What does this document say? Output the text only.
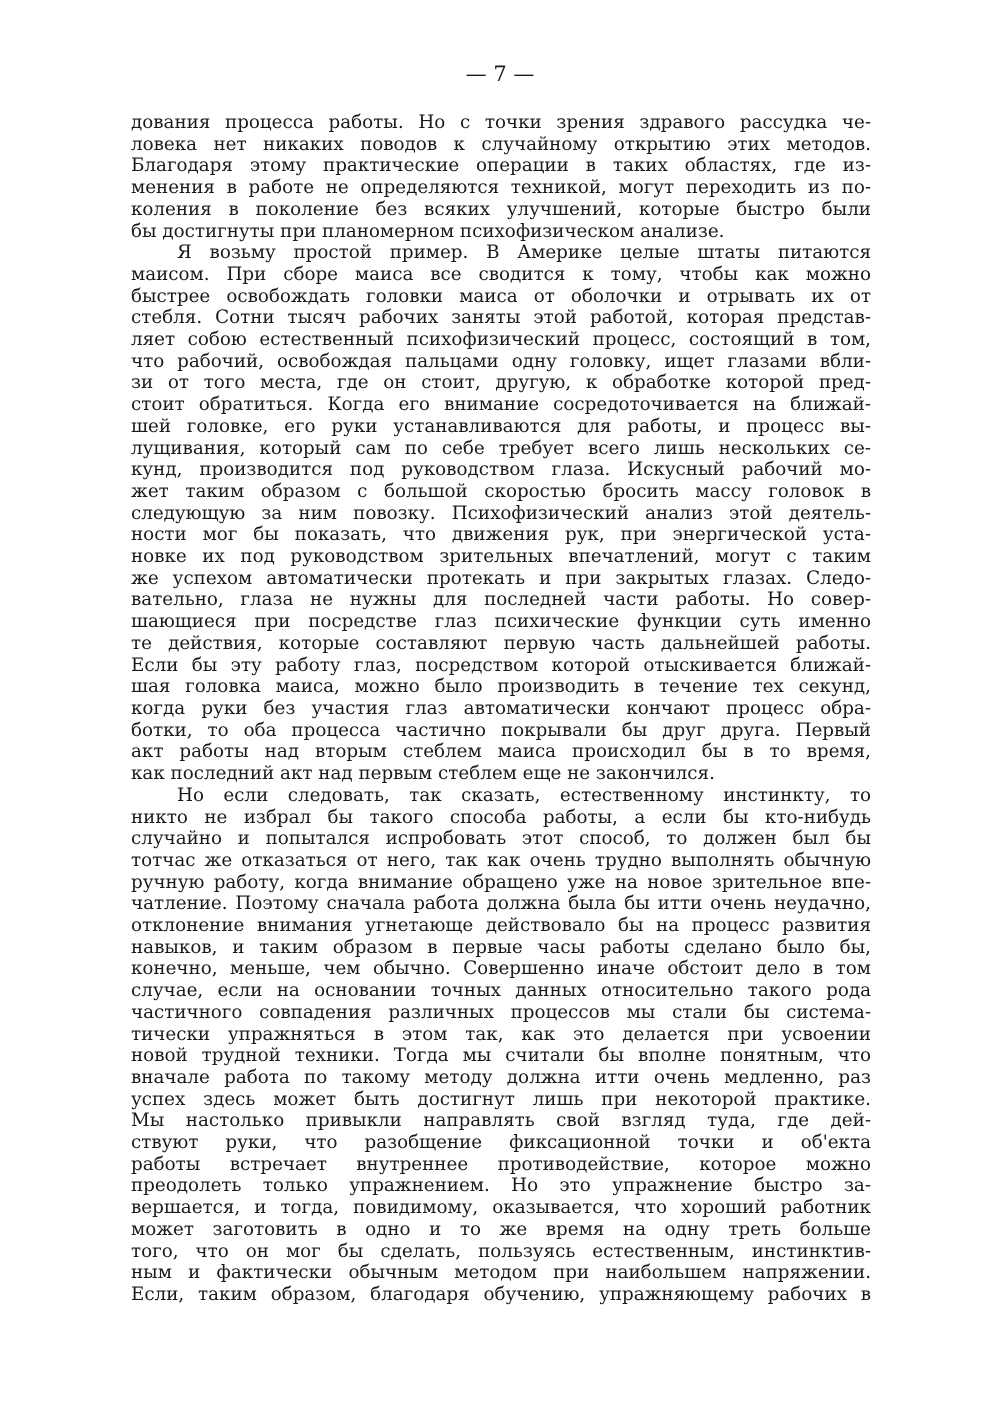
— 7 —
дования процесса работы. Но с точки зрения здравого рассудка че-
ловека нет никаких поводов к случайному открытию этих методов.
Благодаря этому практические операции в таких областях, где из-
менения в работе не определяются техникой, могут переходить из по-
коления в поколение без всяких улучшений, которые быстро были
бы достигнуты при планомерном психофизическом анализе.
Я возьму простой пример. В Америке целые штаты питаются
маисом. При сборе маиса все сводится к тому, чтобы как можно
быстрее освобождать головки маиса от оболочки и отрывать их от
стебля. Сотни тысяч рабочих заняты этой работой, которая представ-
ляет собою естественный психофизический процесс, состоящий в том,
что рабочий, освобождая пальцами одну головку, ищет глазами вбли-
зи от того места, где он стоит, другую, к обработке которой пред-
стоит обратиться. Когда его внимание сосредоточивается на ближай-
шей головке, его руки устанавливаются для работы, и процесс вы-
лущивания, который сам по себе требует всего лишь нескольких се-
кунд, производится под руководством глаза. Искусный рабочий мо-
жет таким образом с большой скоростью бросить массу головок в
следующую за ним повозку. Психофизический анализ этой деятель-
ности мог бы показать, что движения рук, при энергической уста-
новке их под руководством зрительных впечатлений, могут с таким
же успехом автоматически протекать и при закрытых глазах. Следо-
вательно, глаза не нужны для последней части работы. Но совер-
шающиеся при посредстве глаз психические функции суть именно
те действия, которые составляют первую часть дальнейшей работы.
Если бы эту работу глаз, посредством которой отыскивается ближай-
шая головка маиса, можно было производить в течение тех секунд,
когда руки без участия глаз автоматически кончают процесс обра-
ботки, то оба процесса частично покрывали бы друг друга. Первый
акт работы над вторым стеблем маиса происходил бы в то время,
как последний акт над первым стеблем еще не закончился.
Но если следовать, так сказать, естественному инстинкту, то
никто не избрал бы такого способа работы, а если бы кто-нибудь
случайно и попытался испробовать этот способ, то должен был бы
тотчас же отказаться от него, так как очень трудно выполнять обычную
ручную работу, когда внимание обращено уже на новое зрительное впе-
чатление. Поэтому сначала работа должна была бы итти очень неудачно,
отклонение внимания угнетающе действовало бы на процесс развития
навыков, и таким образом в первые часы работы сделано было бы,
конечно, меньше, чем обычно. Совершенно иначе обстоит дело в том
случае, если на основании точных данных относительно такого рода
частичного совпадения различных процессов мы стали бы система-
тически упражняться в этом так, как это делается при усвоении
новой трудной техники. Тогда мы считали бы вполне понятным, что
вначале работа по такому методу должна итти очень медленно, раз
успех здесь может быть достигнут лишь при некоторой практике.
Мы настолько привыкли направлять свой взгляд туда, где дей-
ствуют руки, что разобщение фиксационной точки и об'екта
работы встречает внутреннее противодействие, которое можно
преодолеть только упражнением. Но это упражнение быстро за-
вершается, и тогда, повидимому, оказывается, что хороший работник
может заготовить в одно и то же время на одну треть больше
того, что он мог бы сделать, пользуясь естественным, инстинктив-
ным и фактически обычным методом при наибольшем напряжении.
Если, таким образом, благодаря обучению, упражняющему рабочих в
